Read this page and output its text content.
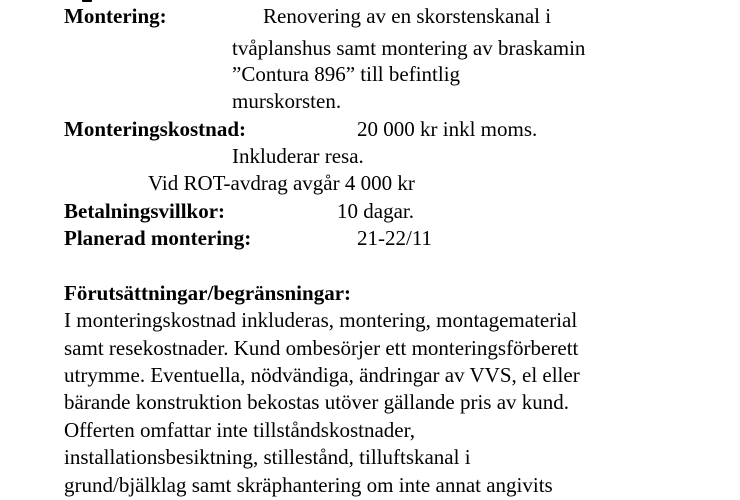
Montering:	Renovering av en skorstenskanal i
tvåplanshus samt montering av braskamin
”Contura 896” till befintlig
murskorsten.
Monteringskostnad:	20 000 kr inkl moms.
Inkluderar resa.
Vid ROT-avdrag avgår 4 000 kr
Betalningsvillkor:	10 dagar.
Planerad montering:	21-22/11
Förutsättningar/begränsningar:
I monteringskostnad inkluderas, montering, montagematerial
samt resekostnader. Kund ombesörjer ett monteringsförberett
utrymme. Eventuella, nödvändiga, ändringar av VVS, el eller
bärande konstruktion bekostas utöver gällande pris av kund.
Offerten omfattar inte tillståndskostnader,
installationsbesiktning, stillestånd, tilluftskanal i
grund/bjälklag samt skräphantering om inte annat angivits
